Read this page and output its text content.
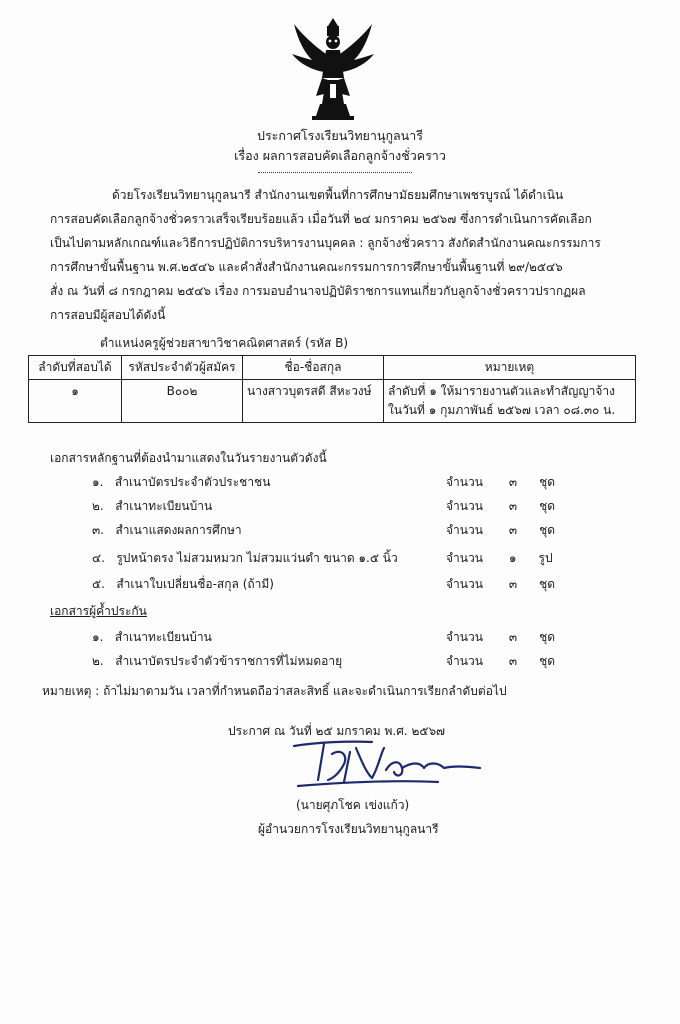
ประกาศโรงเรียนวิทยานุกูลนารี
เรื่อง ผลการสอบคัดเลือกลูกจ้างชั่วคราว
ด้วยโรงเรียนวิทยานุกูลนารี สำนักงานเขตพื้นที่การศึกษามัธยมศึกษาเพชรบูรณ์ ได้ดำเนิน
การสอบคัดเลือกลูกจ้างชั่วคราวเสร็จเรียบร้อยแล้ว เมื่อวันที่ ๒๔ มกราคม ๒๕๖๗ ซึ่งการดำเนินการคัดเลือก
เป็นไปตามหลักเกณฑ์และวิธีการปฏิบัติการบริหารงานบุคคล : ลูกจ้างชั่วคราว สังกัดสำนักงานคณะกรรมการ
การศึกษาขั้นพื้นฐาน พ.ศ.๒๕๔๖ และคำสั่งสำนักงานคณะกรรมการการศึกษาขั้นพื้นฐานที่ ๒๙/๒๕๔๖
สั่ง ณ วันที่ ๘ กรกฎาคม ๒๕๔๖ เรื่อง การมอบอำนาจปฏิบัติราชการแทนเกี่ยวกับลูกจ้างชั่วคราวปรากฏผล
การสอบมีผู้สอบได้ดังนี้
ตำแหน่งครูผู้ช่วยสาขาวิชาคณิตศาสตร์ (รหัส B)
ลำดับที่สอบได้	รหัสประจำตัวผู้สมัคร	ชื่อ-ชื่อสกุล	หมายเหตุ
๑	B๐๐๒	นางสาวบุตรสดี สีหะวงษ์	ลำดับที่ ๑ ให้มารายงานตัวและทำสัญญาจ้าง
ในวันที่ ๑ กุมภาพันธ์ ๒๕๖๗ เวลา ๐๘.๓๐ น.
เอกสารหลักฐานที่ต้องนำมาแสดงในวันรายงานตัวดังนี้
๑. สำเนาบัตรประจำตัวประชาชน	จำนวน ๓ ชุด
๒. สำเนาทะเบียนบ้าน	จำนวน ๓ ชุด
๓. สำเนาแสดงผลการศึกษา	จำนวน ๓ ชุด
๔. รูปหน้าตรง ไม่สวมหมวก ไม่สวมแว่นดำ ขนาด ๑.๕ นิ้ว	จำนวน ๑ รูป
๕. สำเนาใบเปลี่ยนชื่อ-สกุล (ถ้ามี)	จำนวน ๓ ชุด
เอกสารผู้ค้ำประกัน
๑. สำเนาทะเบียนบ้าน	จำนวน ๓ ชุด
๒. สำเนาบัตรประจำตัวข้าราชการที่ไม่หมดอายุ	จำนวน ๓ ชุด
หมายเหตุ : ถ้าไม่มาตามวัน เวลาที่กำหนดถือว่าสละสิทธิ์ และจะดำเนินการเรียกลำดับต่อไป
ประกาศ ณ วันที่ ๒๕ มกราคม พ.ศ. ๒๕๖๗
(นายศุภโชค เข่งแก้ว)
ผู้อำนวยการโรงเรียนวิทยานุกูลนารี
